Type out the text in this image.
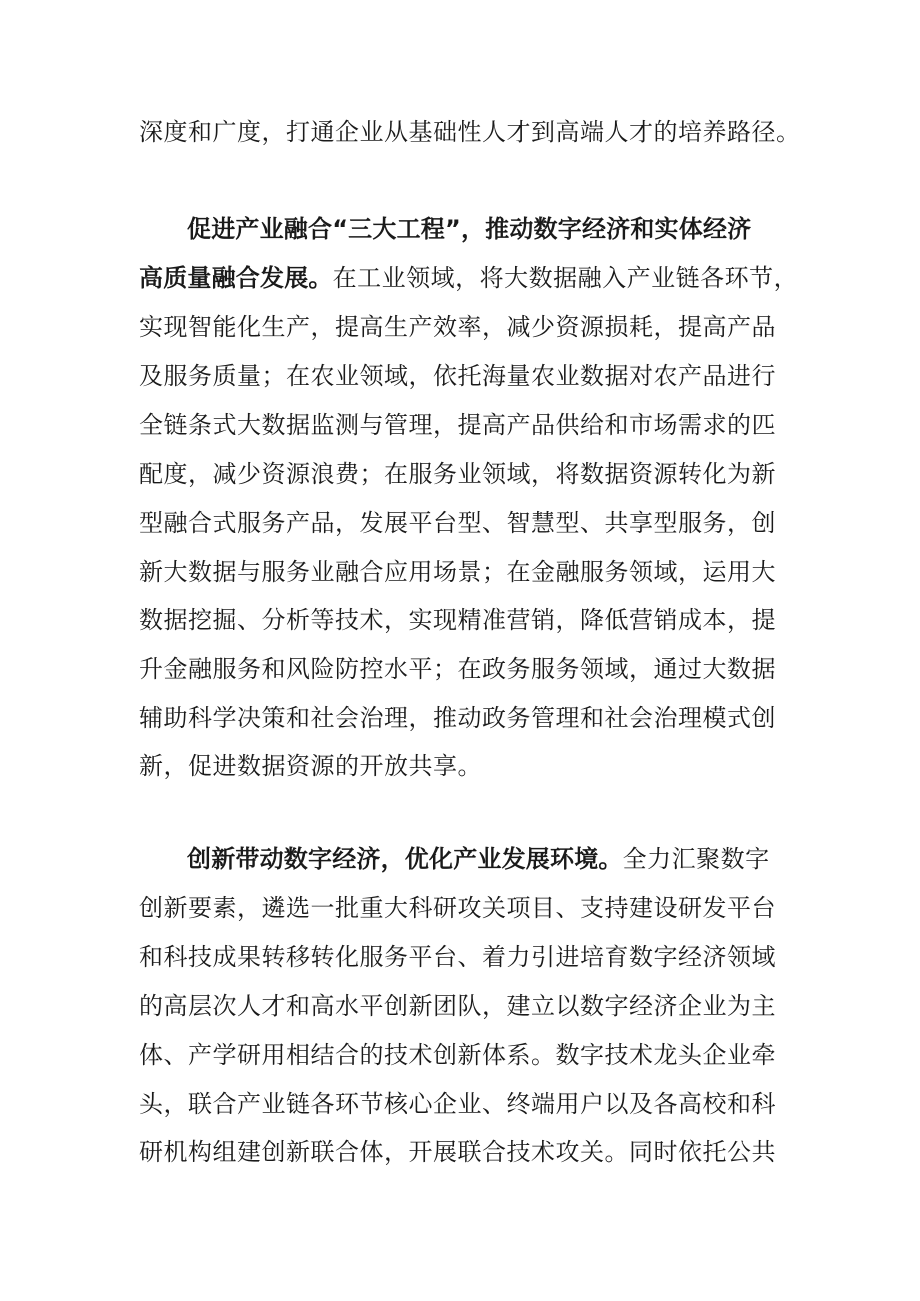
深度和广度，打通企业从基础性人才到高端人才的培养路径。
促进产业融合“三大工程”，推动数字经济和实体经济
高质量融合发展。在工业领域，将大数据融入产业链各环节，
实现智能化生产，提高生产效率，减少资源损耗，提高产品
及服务质量；在农业领域，依托海量农业数据对农产品进行
全链条式大数据监测与管理，提高产品供给和市场需求的匹
配度，减少资源浪费；在服务业领域，将数据资源转化为新
型融合式服务产品，发展平台型、智慧型、共享型服务，创
新大数据与服务业融合应用场景；在金融服务领域，运用大
数据挖掘、分析等技术，实现精准营销，降低营销成本，提
升金融服务和风险防控水平；在政务服务领域，通过大数据
辅助科学决策和社会治理，推动政务管理和社会治理模式创
新，促进数据资源的开放共享。
创新带动数字经济，优化产业发展环境。全力汇聚数字
创新要素，遴选一批重大科研攻关项目、支持建设研发平台
和科技成果转移转化服务平台、着力引进培育数字经济领域
的高层次人才和高水平创新团队，建立以数字经济企业为主
体、产学研用相结合的技术创新体系。数字技术龙头企业牵
头，联合产业链各环节核心企业、终端用户以及各高校和科
研机构组建创新联合体，开展联合技术攻关。同时依托公共
